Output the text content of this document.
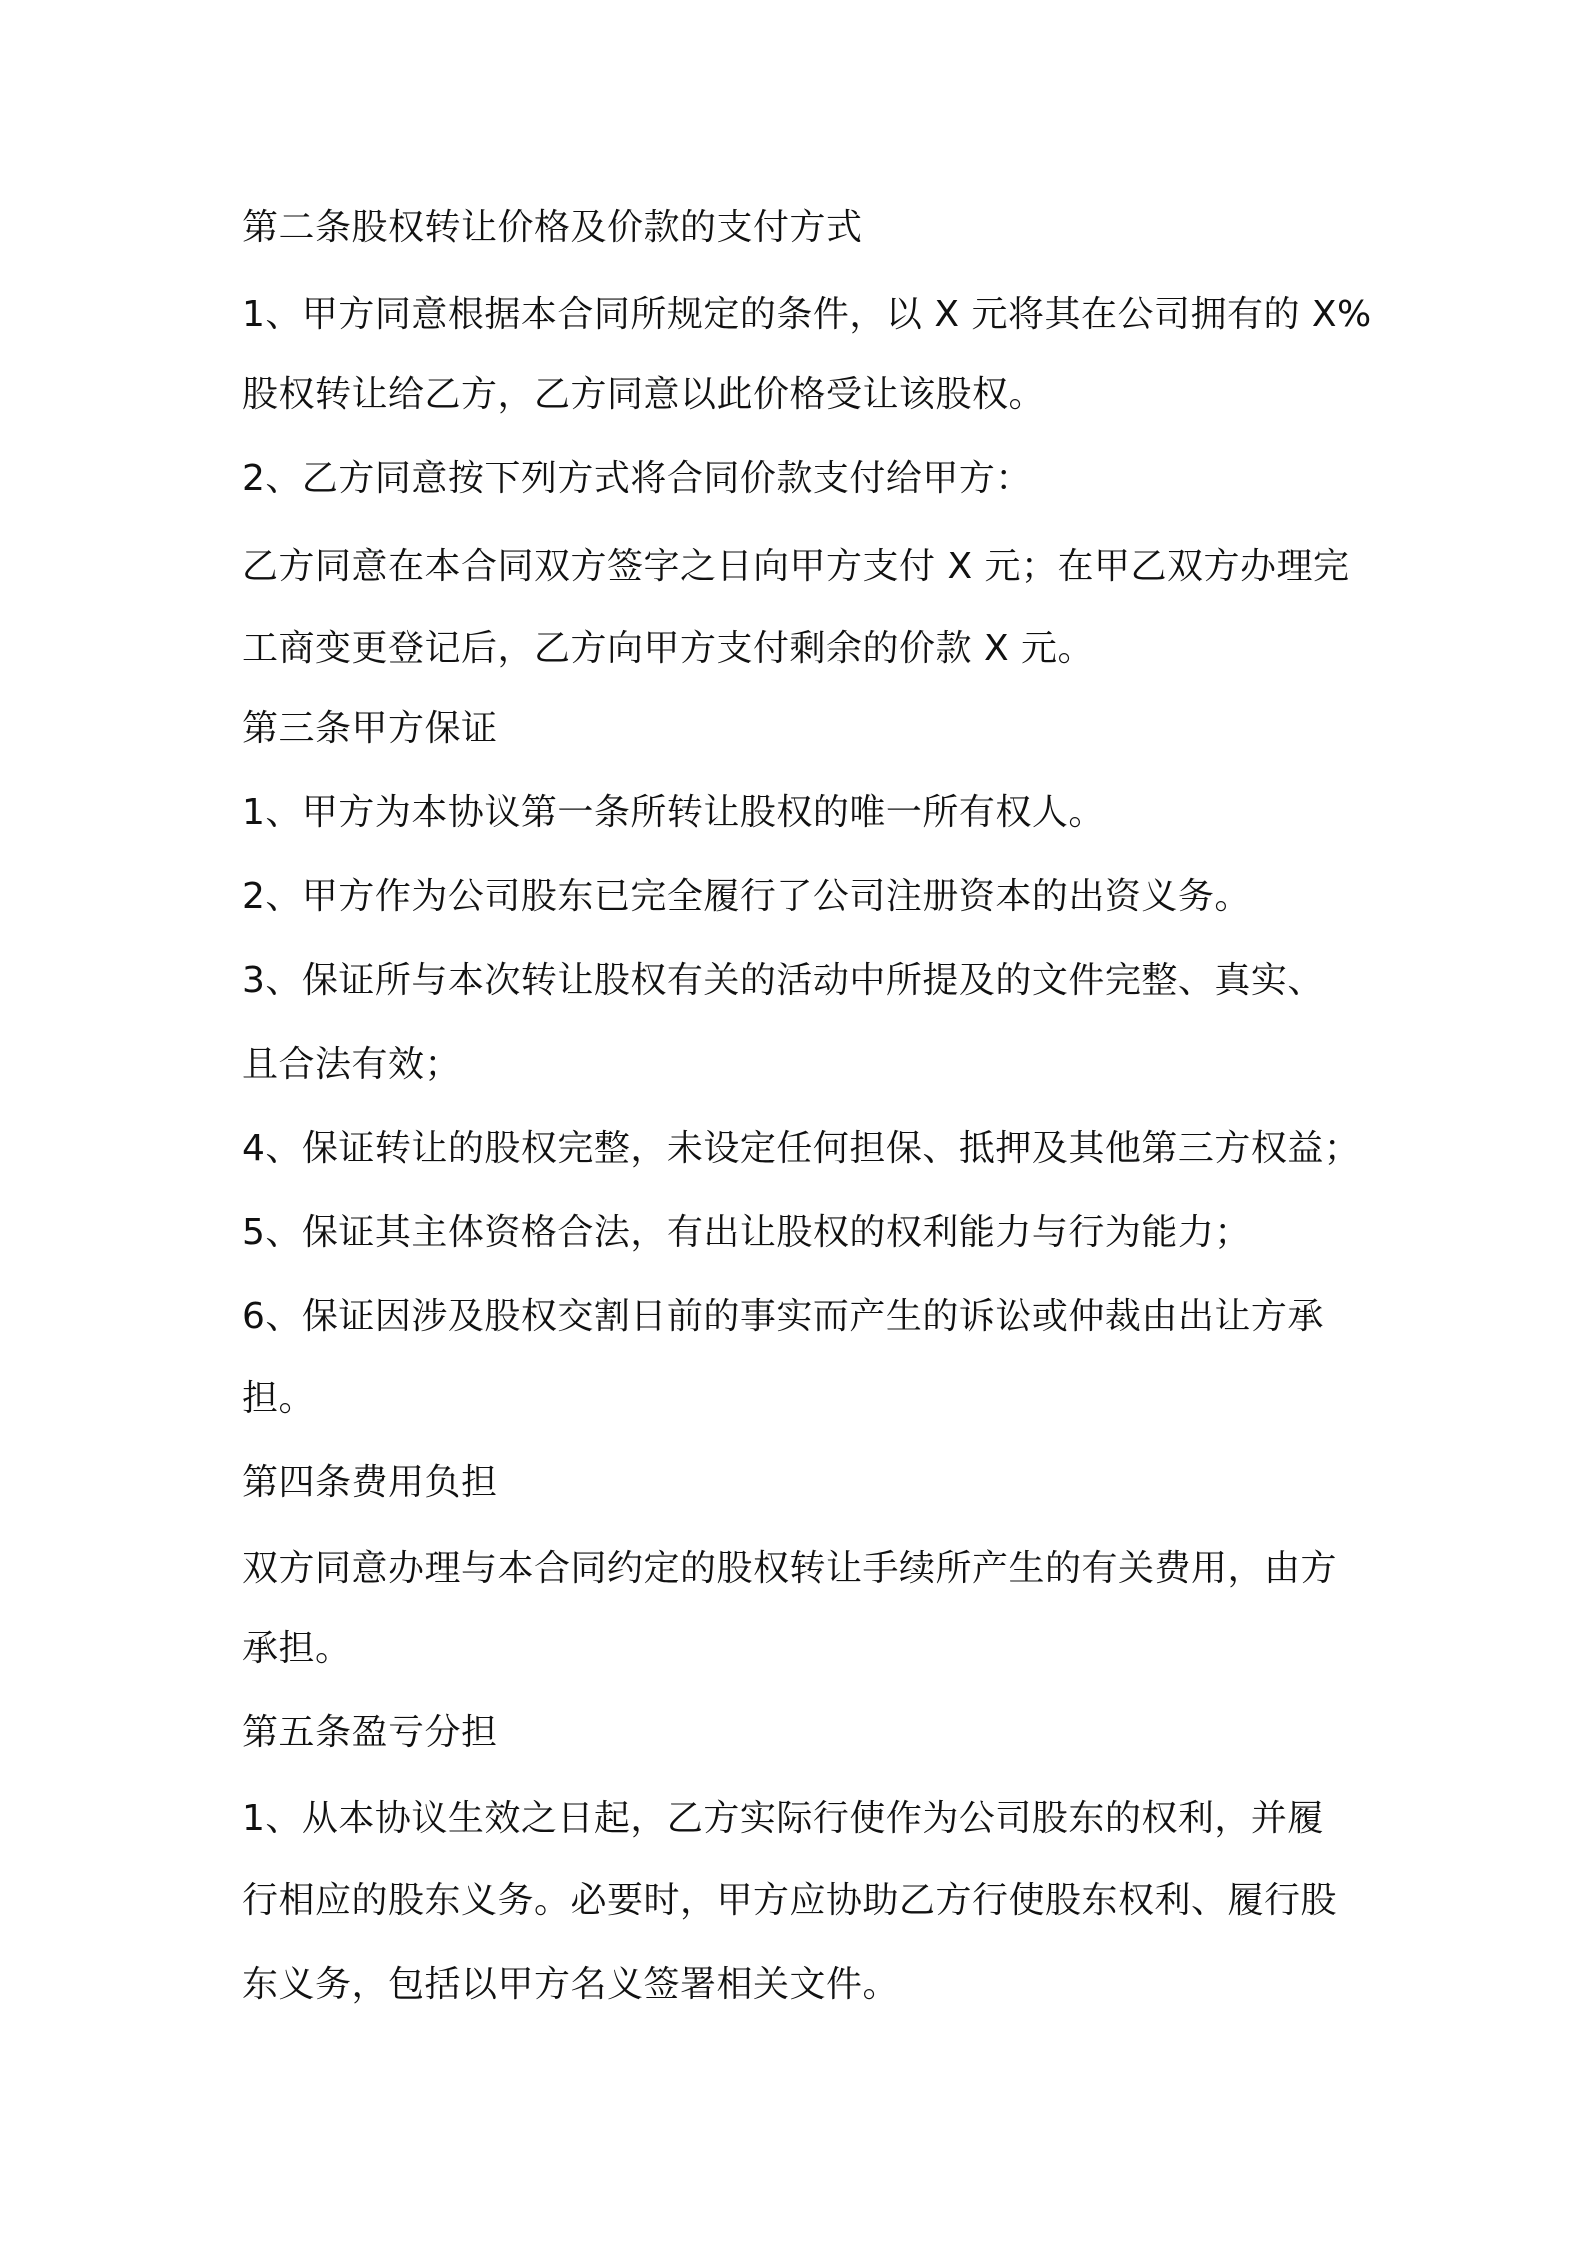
第二条股权转让价格及价款的支付方式
1、甲方同意根据本合同所规定的条件，以 X 元将其在公司拥有的 X%
股权转让给乙方，乙方同意以此价格受让该股权。
2、乙方同意按下列方式将合同价款支付给甲方：
乙方同意在本合同双方签字之日向甲方支付 X 元；在甲乙双方办理完
工商变更登记后，乙方向甲方支付剩余的价款 X 元。
第三条甲方保证
1、甲方为本协议第一条所转让股权的唯一所有权人。
2、甲方作为公司股东已完全履行了公司注册资本的出资义务。
3、保证所与本次转让股权有关的活动中所提及的文件完整、真实、
且合法有效；
4、保证转让的股权完整，未设定任何担保、抵押及其他第三方权益；
5、保证其主体资格合法，有出让股权的权利能力与行为能力；
6、保证因涉及股权交割日前的事实而产生的诉讼或仲裁由出让方承
担。
第四条费用负担
双方同意办理与本合同约定的股权转让手续所产生的有关费用，由方
承担。
第五条盈亏分担
1、从本协议生效之日起，乙方实际行使作为公司股东的权利，并履
行相应的股东义务。必要时，甲方应协助乙方行使股东权利、履行股
东义务，包括以甲方名义签署相关文件。
